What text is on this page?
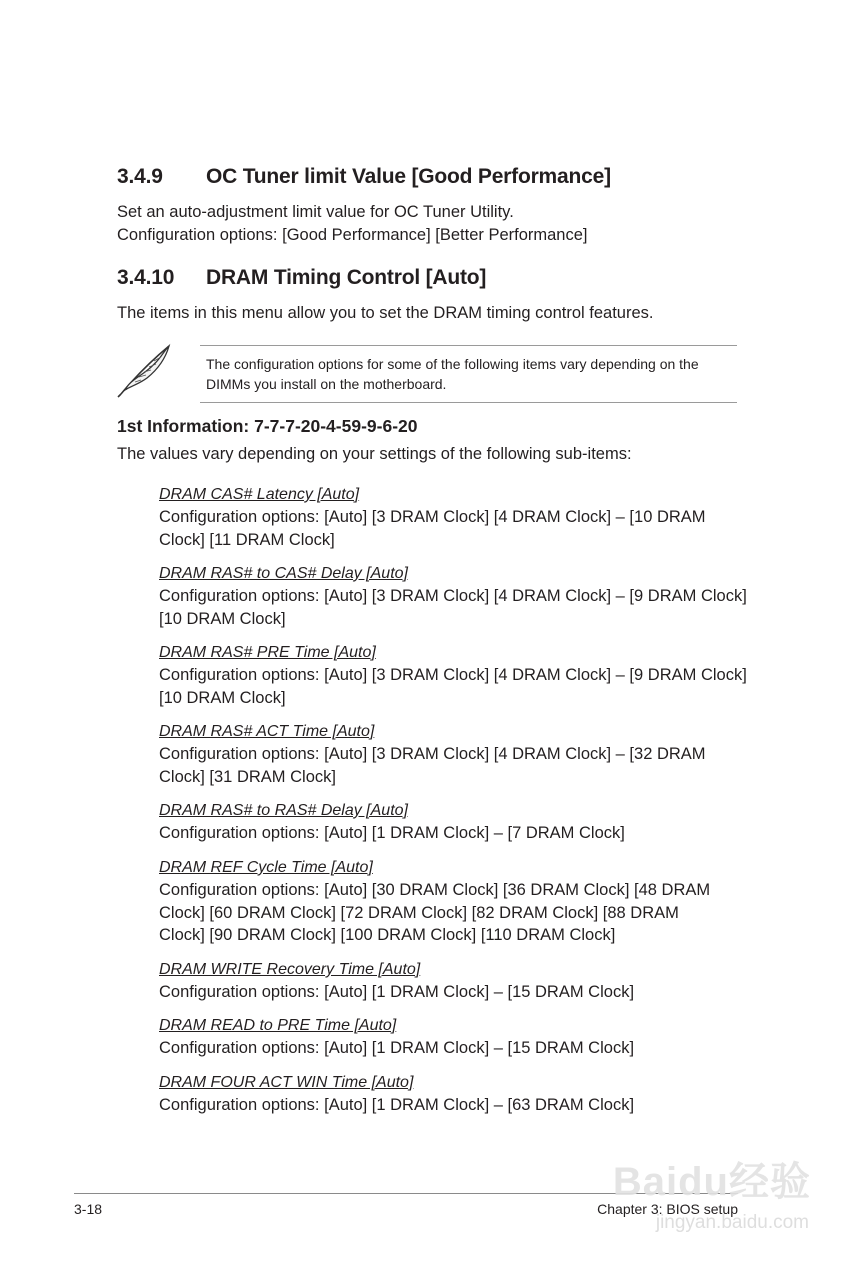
3.4.9 OC Tuner limit Value [Good Performance]
Set an auto-adjustment limit value for OC Tuner Utility.
Configuration options: [Good Performance] [Better Performance]
3.4.10 DRAM Timing Control [Auto]
The items in this menu allow you to set the DRAM timing control features.
The configuration options for some of the following items vary depending on the
DIMMs you install on the motherboard.
1st Information: 7-7-7-20-4-59-9-6-20
The values vary depending on your settings of the following sub-items:
DRAM CAS# Latency [Auto]

Configuration options: [Auto] [3 DRAM Clock] [4 DRAM Clock] – [10 DRAM Clock] [11 DRAM Clock]

DRAM RAS# to CAS# Delay [Auto]

Configuration options: [Auto] [3 DRAM Clock] [4 DRAM Clock] – [9 DRAM Clock] [10 DRAM Clock]

DRAM RAS# PRE Time [Auto]

Configuration options: [Auto] [3 DRAM Clock] [4 DRAM Clock] – [9 DRAM Clock] [10 DRAM Clock]

DRAM RAS# ACT Time [Auto]

Configuration options: [Auto] [3 DRAM Clock] [4 DRAM Clock] – [32 DRAM Clock] [31 DRAM Clock]

DRAM RAS# to RAS# Delay [Auto]

Configuration options: [Auto] [1 DRAM Clock] – [7 DRAM Clock]

DRAM REF Cycle Time [Auto]

Configuration options: [Auto] [30 DRAM Clock] [36 DRAM Clock] [48 DRAM Clock] [60 DRAM Clock] [72 DRAM Clock] [82 DRAM Clock] [88 DRAM Clock] [90 DRAM Clock] [100 DRAM Clock] [110 DRAM Clock]

DRAM WRITE Recovery Time [Auto]

Configuration options: [Auto] [1 DRAM Clock] – [15 DRAM Clock]

DRAM READ to PRE Time [Auto]

Configuration options: [Auto] [1 DRAM Clock] – [15 DRAM Clock]

DRAM FOUR ACT WIN Time [Auto]

Configuration options: [Auto] [1 DRAM Clock] – [63 DRAM Clock]

3-18	Chapter 3: BIOS setup
Baidu经验
jingyan.baidu.com
